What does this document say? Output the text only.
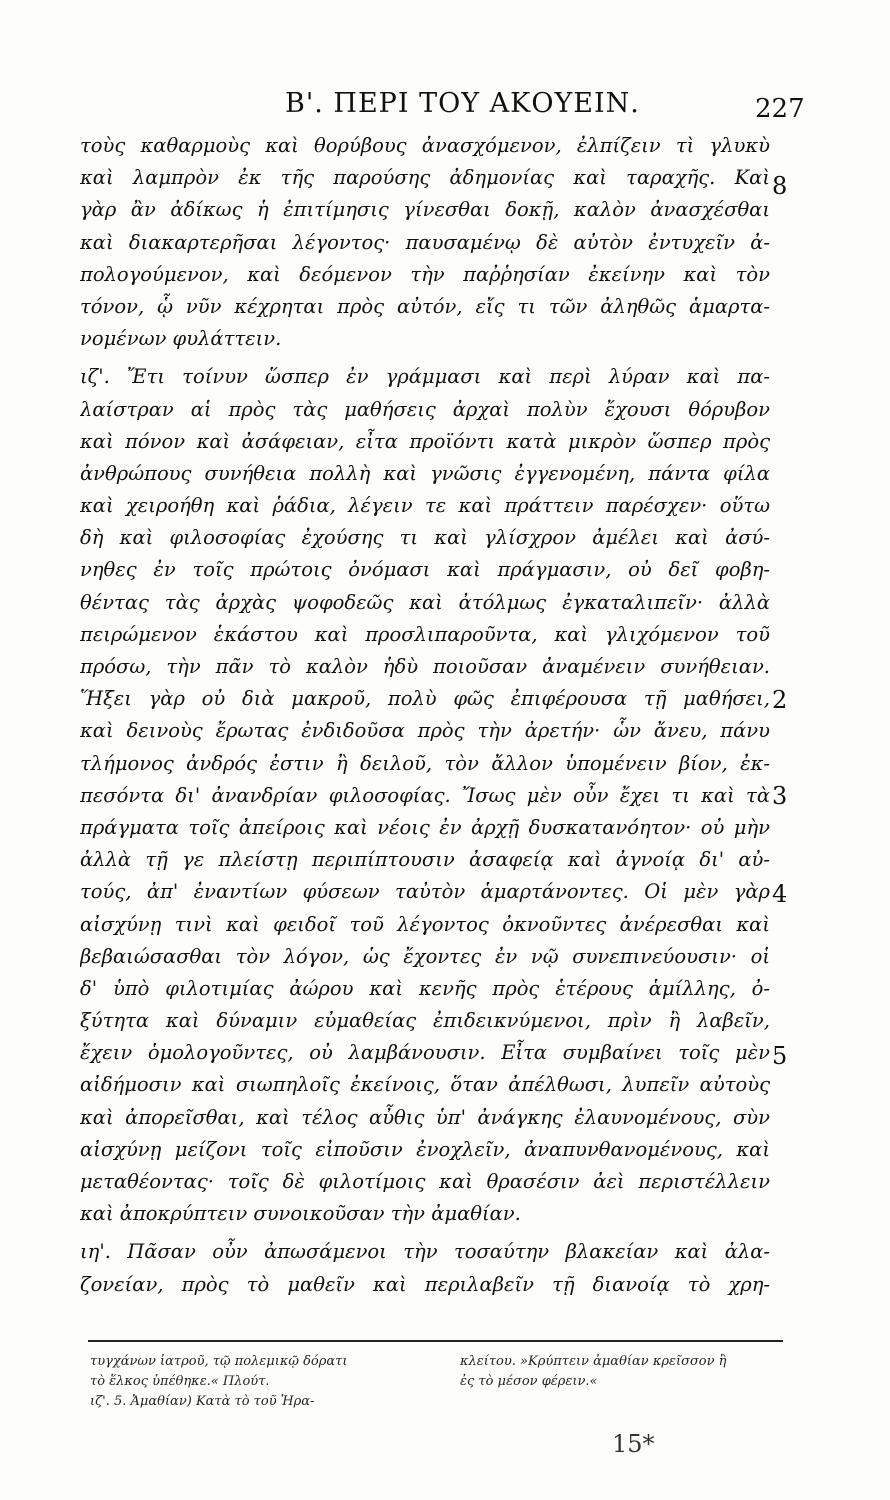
Β'. ΠΕΡΙ ΤΟΥ ΑΚΟΥΕΙΝ.	227
τοὺς καθαρμοὺς καὶ θορύβους ἀνασχόμενον, ἐλπίζειν τὶ γλυκὺ
καὶ λαμπρὸν ἐκ τῆς παρούσης ἀδημονίας καὶ ταραχῆς. Καὶ
γὰρ ἂν ἀδίκως ἡ ἐπιτίμησις γίνεσθαι δοκῇ, καλὸν ἀνασχέσθαι
καὶ διακαρτερῆσαι λέγοντος· παυσαμένῳ δὲ αὐτὸν ἐντυχεῖν ἀ-
πολογούμενον, καὶ δεόμενον τὴν παῤῥησίαν ἐκείνην καὶ τὸν
τόνον, ᾧ νῦν κέχρηται πρὸς αὐτόν, εἴς τι τῶν ἀληθῶς ἁμαρτα-
νομένων φυλάττειν.
ιζ'. Ἔτι τοίνυν ὥσπερ ἐν γράμμασι καὶ περὶ λύραν καὶ πα-
λαίστραν αἱ πρὸς τὰς μαθήσεις ἀρχαὶ πολὺν ἔχουσι θόρυβον
καὶ πόνον καὶ ἀσάφειαν, εἶτα προϊόντι κατὰ μικρὸν ὥσπερ πρὸς
ἀνθρώπους συνήθεια πολλὴ καὶ γνῶσις ἐγγενομένη, πάντα φίλα
καὶ χειροήθη καὶ ῥάδια, λέγειν τε καὶ πράττειν παρέσχεν· οὕτω
δὴ καὶ φιλοσοφίας ἐχούσης τι καὶ γλίσχρον ἀμέλει καὶ ἀσύ-
νηθες ἐν τοῖς πρώτοις ὀνόμασι καὶ πράγμασιν, οὐ δεῖ φοβη-
θέντας τὰς ἀρχὰς ψοφοδεῶς καὶ ἀτόλμως ἐγκαταλιπεῖν· ἀλλὰ
πειρώμενον ἑκάστου καὶ προσλιπαροῦντα, καὶ γλιχόμενον τοῦ
πρόσω, τὴν πᾶν τὸ καλὸν ἡδὺ ποιοῦσαν ἀναμένειν συνήθειαν.
Ἥξει γὰρ οὐ διὰ μακροῦ, πολὺ φῶς ἐπιφέρουσα τῇ μαθήσει,
καὶ δεινοὺς ἔρωτας ἐνδιδοῦσα πρὸς τὴν ἀρετήν· ὧν ἄνευ, πάνυ
τλήμονος ἀνδρός ἐστιν ἢ δειλοῦ, τὸν ἄλλον ὑπομένειν βίον, ἐκ-
πεσόντα δι' ἀνανδρίαν φιλοσοφίας. Ἴσως μὲν οὖν ἔχει τι καὶ τὰ
πράγματα τοῖς ἀπείροις καὶ νέοις ἐν ἀρχῇ δυσκατανόητον· οὐ μὴν
ἀλλὰ τῇ γε πλείστῃ περιπίπτουσιν ἀσαφείᾳ καὶ ἀγνοίᾳ δι' αὐ-
τούς, ἀπ' ἐναντίων φύσεων ταὐτὸν ἁμαρτάνοντες. Οἱ μὲν γὰρ
αἰσχύνῃ τινὶ καὶ φειδοῖ τοῦ λέγοντος ὀκνοῦντες ἀνέρεσθαι καὶ
βεβαιώσασθαι τὸν λόγον, ὡς ἔχοντες ἐν νῷ συνεπινεύουσιν· οἱ
δ' ὑπὸ φιλοτιμίας ἀώρου καὶ κενῆς πρὸς ἑτέρους ἁμίλλης, ὀ-
ξύτητα καὶ δύναμιν εὐμαθείας ἐπιδεικνύμενοι, πρὶν ἢ λαβεῖν,
ἔχειν ὁμολογοῦντες, οὐ λαμβάνουσιν. Εἶτα συμβαίνει τοῖς μὲν
αἰδήμοσιν καὶ σιωπηλοῖς ἐκείνοις, ὅταν ἀπέλθωσι, λυπεῖν αὐτοὺς
καὶ ἀπορεῖσθαι, καὶ τέλος αὖθις ὑπ' ἀνάγκης ἐλαυνομένους, σὺν
αἰσχύνῃ μείζονι τοῖς εἰποῦσιν ἐνοχλεῖν, ἀναπυνθανομένους, καὶ
μεταθέοντας· τοῖς δὲ φιλοτίμοις καὶ θρασέσιν ἀεὶ περιστέλλειν
καὶ ἀποκρύπτειν συνοικοῦσαν τὴν ἀμαθίαν.
ιη'. Πᾶσαν οὖν ἀπωσάμενοι τὴν τοσαύτην βλακείαν καὶ ἀλα-
ζονείαν, πρὸς τὸ μαθεῖν καὶ περιλαβεῖν τῇ διανοίᾳ τὸ χρη-
8
2
3
4
5
τυγχάνων ἰατροῦ, τῷ πολεμικῷ δόρατι
τὸ ἕλκος ὑπέθηκε.« Πλούτ.
ιζ'. 5. Ἀμαθίαν) Κατὰ τὸ τοῦ Ἡρα-
κλείτου. »Κρύπτειν ἀμαθίαν κρεῖσσον ἢ
ἐς τὸ μέσον φέρειν.«
15*
